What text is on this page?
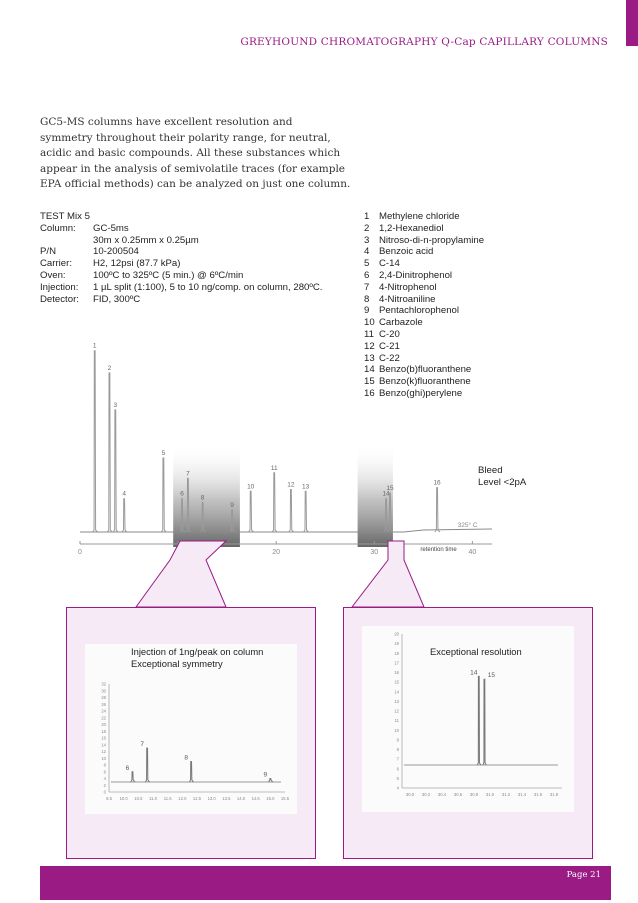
GREYHOUND CHROMATOGRAPHY Q-Cap CAPILLARY COLUMNS
GC5-MS columns have excellent resolution and
symmetry throughout their polarity range, for neutral,
acidic and basic compounds. All these substances which
appear in the analysis of semivolatile traces (for example
EPA official methods) can be analyzed on just one column.
TEST Mix 5
Column:	GC-5ms
30m x 0.25mm x 0.25µm
P/N	10-200504
Carrier:	H2, 12psi (87.7 kPa)
Oven:	100ºC to 325ºC (5 min.) @ 6ºC/min
Injection:	1 µL split (1:100), 5 to 10 ng/comp. on column, 280ºC.
Detector:	FID, 300ºC
1	Methylene chloride
2	1,2-Hexanediol
3	Nitroso-di-n-propylamine
4	Benzoic acid
5	C-14
6	2,4-Dinitrophenol
7	4-Nitrophenol
8	4-Nitroaniline
9	Pentachlorophenol
10 Carbazole
11 C-20
12 C-21
13 C-22
14 Benzo(b)fluoranthene
15 Benzo(k)fluoranthene
16 Benzo(ghi)perylene
1
2
3
4
5
6
7
8
9
10
11
12 13
14
15
16
0	20	30	40
retention time
325° C
Bleed
Level <2pA
0
2
4
6
8
10
12
14
16
18
20
22
24
26
28
30
32
9.5 10.0 10.5 11.0 11.5 12.0 12.5 13.0 13.5 14.0 14.5 15.0 15.5
6
7
8
9
Injection of 1ng/peak on column
Exceptional symmetry
4
5
6
7
8
9
10
11
12
13
14
15
16
17
18
19
20
30.0 30.2 30.4 30.6 30.8 31.0 31.2 31.4 31.6 31.8
14 15
Exceptional resolution
Page 21
